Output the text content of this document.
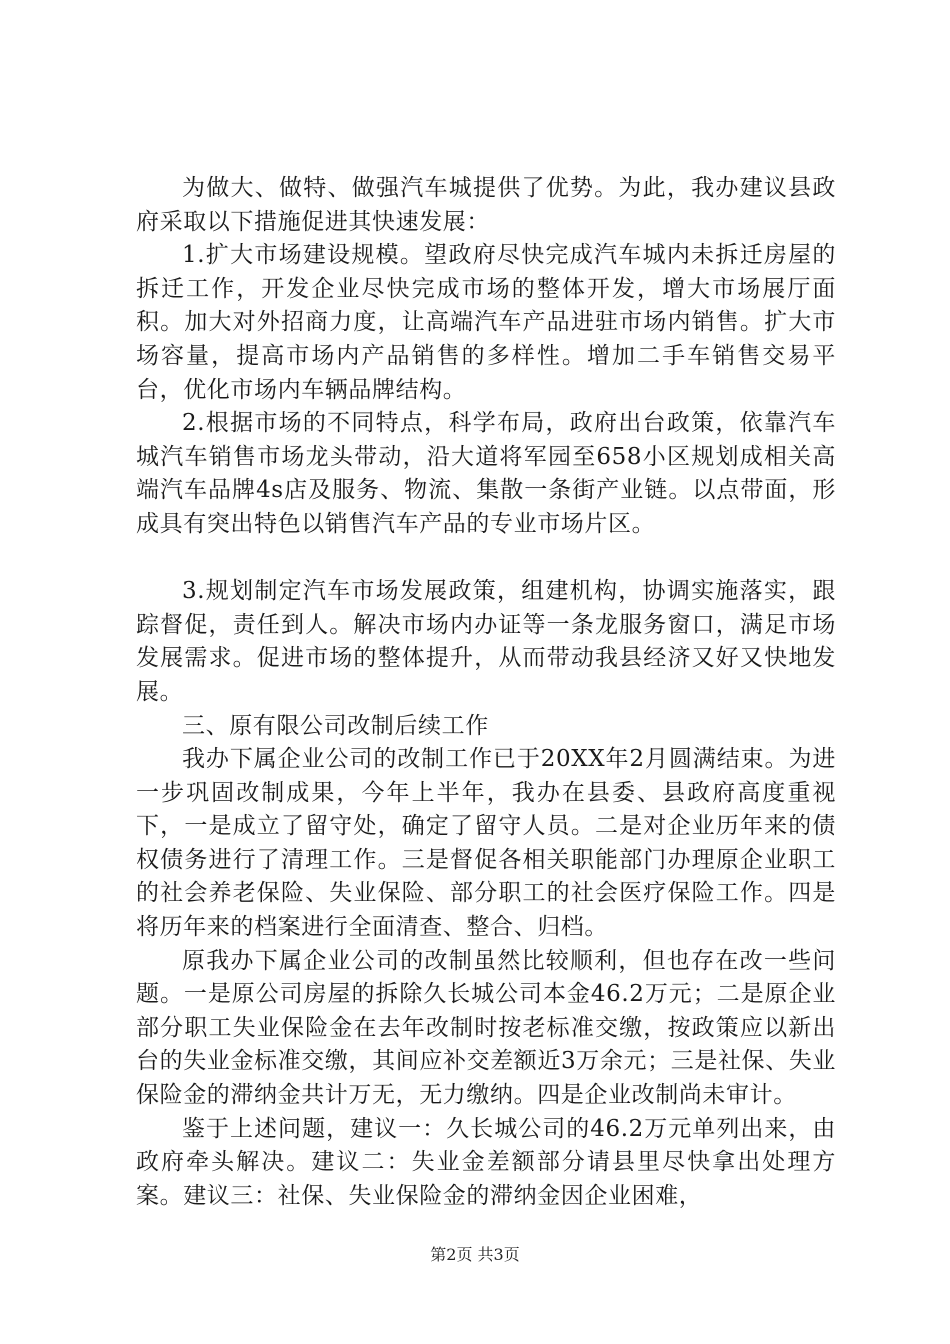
为做大、做特、做强汽车城提供了优势。为此，我办建议县政府采取以下措施促进其快速发展：

1.扩大市场建设规模。望政府尽快完成汽车城内未拆迁房屋的拆迁工作，开发企业尽快完成市场的整体开发，增大市场展厅面积。加大对外招商力度，让高端汽车产品进驻市场内销售。扩大市场容量，提高市场内产品销售的多样性。增加二手车销售交易平台，优化市场内车辆品牌结构。

2.根据市场的不同特点，科学布局，政府出台政策，依靠汽车城汽车销售市场龙头带动，沿大道将军园至658小区规划成相关高端汽车品牌4s店及服务、物流、集散一条街产业链。以点带面，形成具有突出特色以销售汽车产品的专业市场片区。

3.规划制定汽车市场发展政策，组建机构，协调实施落实，跟踪督促，责任到人。解决市场内办证等一条龙服务窗口，满足市场发展需求。促进市场的整体提升，从而带动我县经济又好又快地发展。

三、原有限公司改制后续工作

我办下属企业公司的改制工作已于20XX年2月圆满结束。为进一步巩固改制成果，今年上半年，我办在县委、县政府高度重视下，一是成立了留守处，确定了留守人员。二是对企业历年来的债权债务进行了清理工作。三是督促各相关职能部门办理原企业职工的社会养老保险、失业保险、部分职工的社会医疗保险工作。四是将历年来的档案进行全面清查、整合、归档。

原我办下属企业公司的改制虽然比较顺利，但也存在改一些问题。一是原公司房屋的拆除久长城公司本金46.2万元；二是原企业部分职工失业保险金在去年改制时按老标准交缴，按政策应以新出台的失业金标准交缴，其间应补交差额近3万余元；三是社保、失业保险金的滞纳金共计万无，无力缴纳。四是企业改制尚未审计。

鉴于上述问题，建议一：久长城公司的46.2万元单列出来，由政府牵头解决。建议二：失业金差额部分请县里尽快拿出处理方案。建议三：社保、失业保险金的滞纳金因企业困难，

第2页 共3页
